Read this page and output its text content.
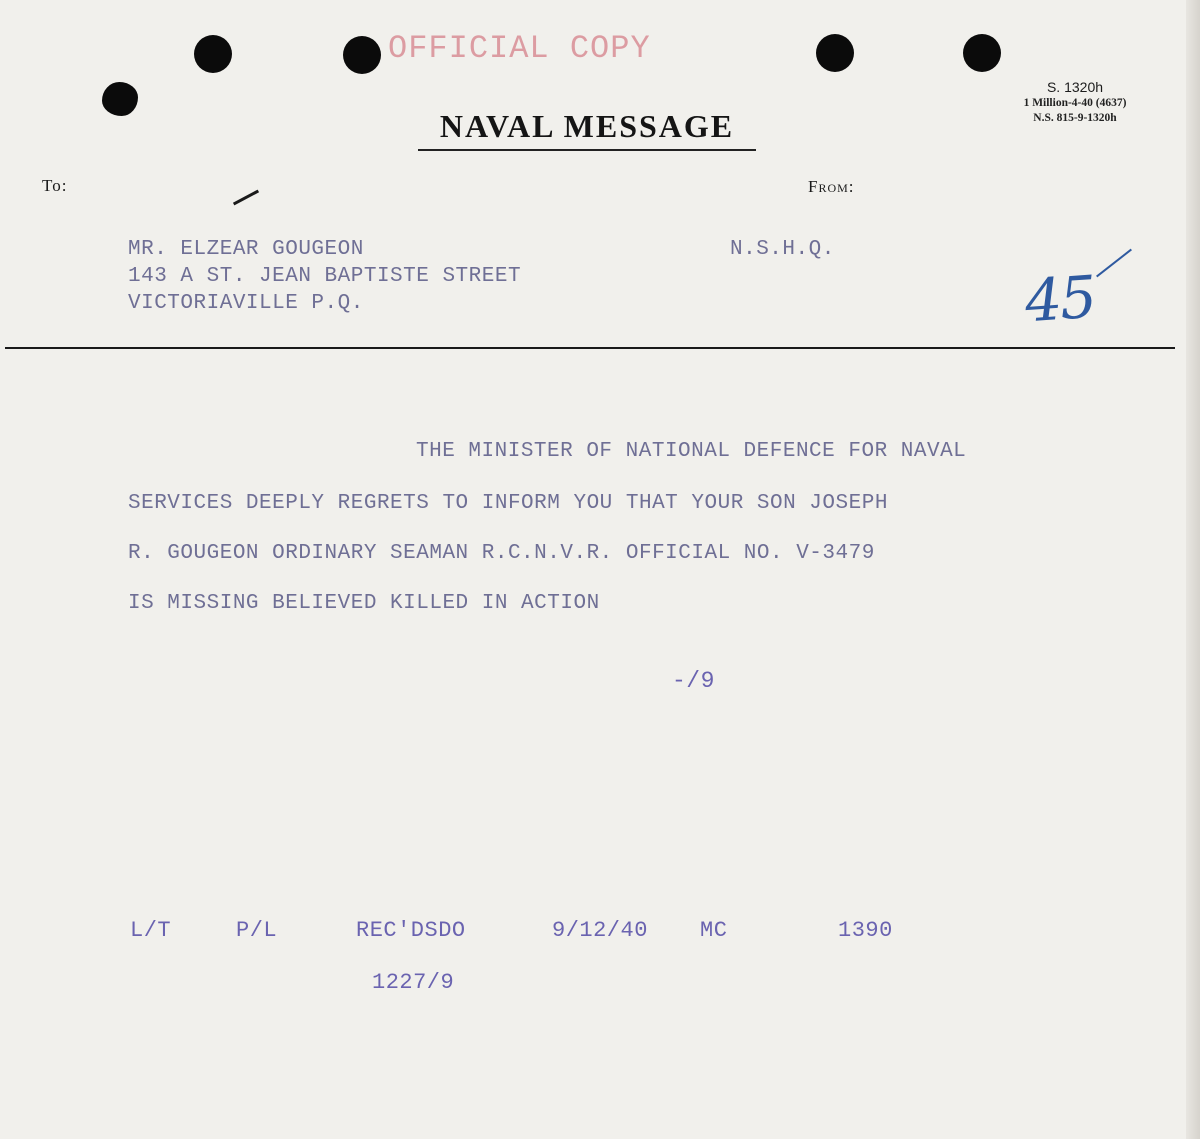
OFFICIAL COPY
S. 1320h
1 Million-4-40 (4637)
N.S. 815-9-1320h
NAVAL MESSAGE
To:	From:
MR. ELZEAR GOUGEON
143 A ST. JEAN BAPTISTE STREET
VICTORIAVILLE P.Q.
N.S.H.Q.
45
THE MINISTER OF NATIONAL DEFENCE FOR NAVAL
SERVICES DEEPLY REGRETS TO INFORM YOU THAT YOUR SON JOSEPH
R. GOUGEON ORDINARY SEAMAN R.C.N.V.R. OFFICIAL NO. V-3479
IS MISSING BELIEVED KILLED IN ACTION
-/9
L/T	P/L	REC'DSDO	9/12/40 MC	1390
1227/9
